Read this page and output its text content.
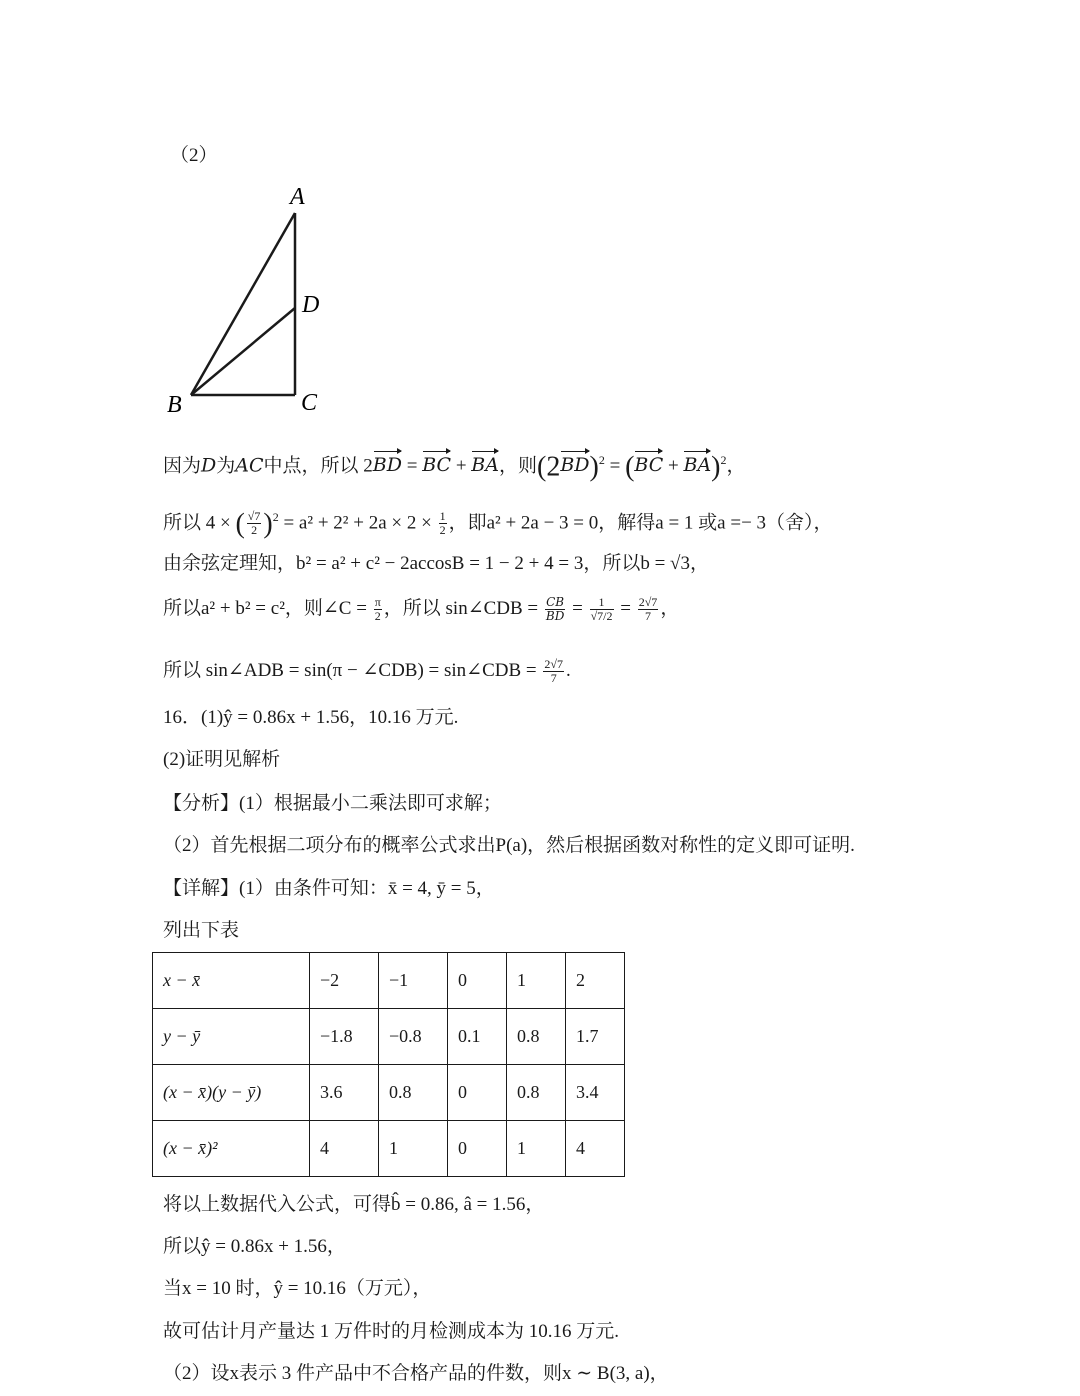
（2）
A
D
B	C
因为D为AC中点，所以 2BD = BC + BA，则$(2BD)^2 = (BC + BA)^2$，
所以 4 × ( $\frac{√7}{2} )^2 = a^2 + 2^2 + 2a \times 2 \times \frac{1}{2}$ ，即a² + 2a − 3 = 0，解得a = 1 或a =− 3（舍），
由余弦定理知，b² = a² + c² − 2accosB = 1 − 2 + 4 = 3，所以b = √3，
所以a² + b² = c²，则∠C = $\frac{\pi}{2}$ ，所以 sin∠CDB = $\frac{CB}{BD} = \frac{1}{√7/2} = \frac{2√7}{7}$ ，
所以 sin∠ADB = sin(π − ∠CDB) = sin∠CDB = $\frac{2√7}{7}$ .
16．(1)ŷ = 0.86x + 1.56，10.16 万元.
(2)证明见解析
【分析】(1）根据最小二乘法即可求解；
（2）首先根据二项分布的概率公式求出P(a)，然后根据函数对称性的定义即可证明.
【详解】(1）由条件可知：x̄ = 4, ȳ = 5，
列出下表
x − x̄	−2	−1	0	1	2
y − ȳ	−1.8	−0.8	0.1	0.8	1.7
(x − x̄)(y − ȳ)	3.6	0.8	0	0.8	3.4
(x − x̄)²	4	1	0	1	4
将以上数据代入公式，可得b̂ = 0.86, â = 1.56，
所以ŷ = 0.86x + 1.56，
当x = 10 时，ŷ = 10.16（万元），
故可估计月产量达 1 万件时的月检测成本为 10.16 万元.
（2）设x表示 3 件产品中不合格产品的件数，则x ∼ B(3, a)，
